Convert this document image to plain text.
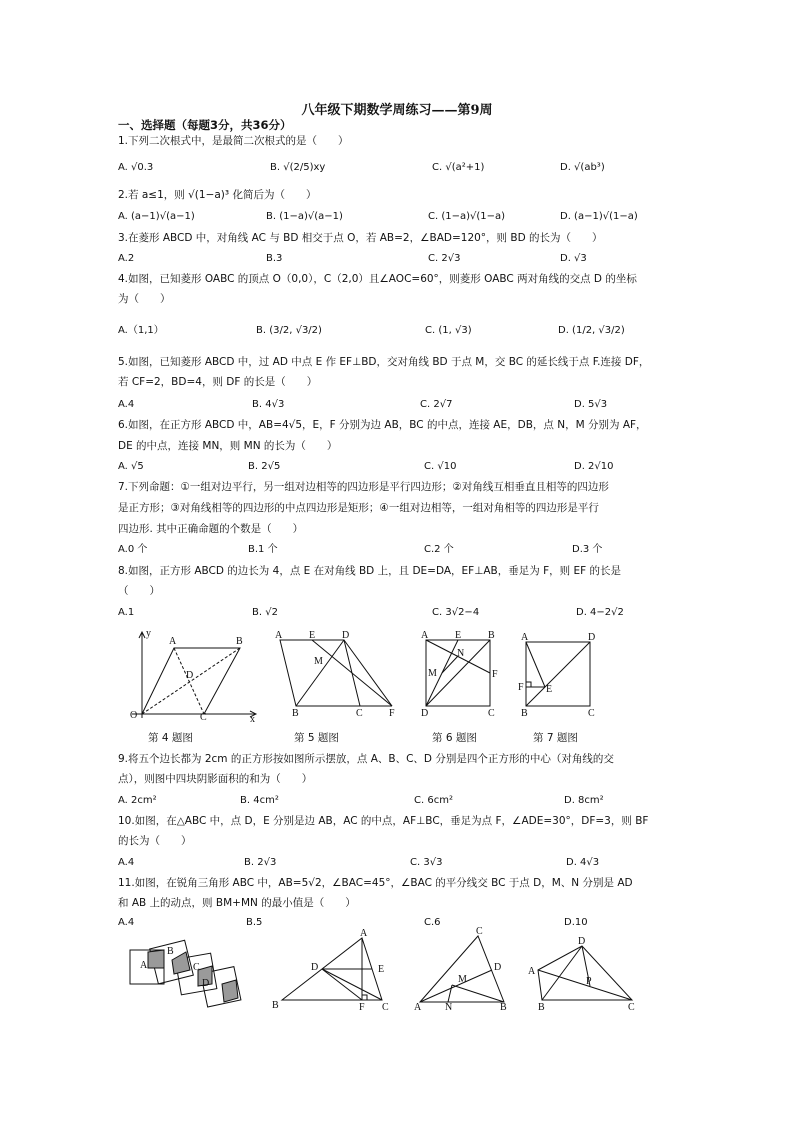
八年级下期数学周练习——第9周
一、选择题（每题3分，共36分）
1.下列二次根式中，是最简二次根式的是（　　）
A. √0.3	B. √(2/5)xy	C. √(a²+1)	D. √(ab³)
2.若 a≤1，则 √(1−a)³ 化简后为（　　）
A. (a−1)√(a−1)	B. (1−a)√(a−1)	C. (1−a)√(1−a)	D. (a−1)√(1−a)
3.在菱形 ABCD 中，对角线 AC 与 BD 相交于点 O，若 AB=2，∠BAD=120°，则 BD 的长为（　　）
A.2	B.3	C. 2√3	D. √3
4.如图，已知菱形 OABC 的顶点 O（0,0），C（2,0）且∠AOC=60°，则菱形 OABC 两对角线的交点 D 的坐标
为（　　）
A.（1,1）	B. (3/2, √3/2)	C. (1, √3)	D. (1/2, √3/2)
5.如图，已知菱形 ABCD 中，过 AD 中点 E 作 EF⊥BD，交对角线 BD 于点 M，交 BC 的延长线于点 F.连接 DF，
若 CF=2，BD=4，则 DF 的长是（　　）
A.4	B. 4√3	C. 2√7	D. 5√3
6.如图，在正方形 ABCD 中，AB=4√5，E，F 分别为边 AB，BC 的中点，连接 AE，DB，点 N，M 分别为 AF，
DE 的中点，连接 MN，则 MN 的长为（　　）
A. √5	B. 2√5	C. √10	D. 2√10
7.下列命题：①一组对边平行，另一组对边相等的四边形是平行四边形；②对角线互相垂直且相等的四边形
是正方形；③对角线相等的四边形的中点四边形是矩形；④一组对边相等，一组对角相等的四边形是平行
四边形. 其中正确命题的个数是（　　）
A.0 个	B.1 个	C.2 个	D.3 个
8.如图，正方形 ABCD 的边长为 4，点 E 在对角线 BD 上，且 DE=DA，EF⊥AB，垂足为 F，则 EF 的长是
（　　）
A.1	B. √2	C. 3√2−4	D. 4−2√2
y
A	B
D
O	C	x
A	E	D
M
B	C	F
A	E	B
N
M	F
D	C
A	D
F E
B	C
第 4 题图	第 5 题图	第 6 题图	第 7 题图
9.将五个边长都为 2cm 的正方形按如图所示摆放，点 A、B、C、D 分别是四个正方形的中心（对角线的交
点），则图中四块阴影面积的和为（　　）
A. 2cm²	B. 4cm²	C. 6cm²	D. 8cm²
10.如图，在△ABC 中，点 D，E 分别是边 AB，AC 的中点，AF⊥BC，垂足为点 F，∠ADE=30°，DF=3，则 BF
的长为（　　）
A.4	B. 2√3	C. 3√3	D. 4√3
11.如图，在锐角三角形 ABC 中，AB=5√2，∠BAC=45°，∠BAC 的平分线交 BC 于点 D，M、N 分别是 AD
和 AB 上的动点，则 BM+MN 的最小值是（　　）
A.4	B.5	C.6	D.10
A
B
C
D
A
D	E
B	F C
C
D
M
A N	B
D
A
P
B	C
